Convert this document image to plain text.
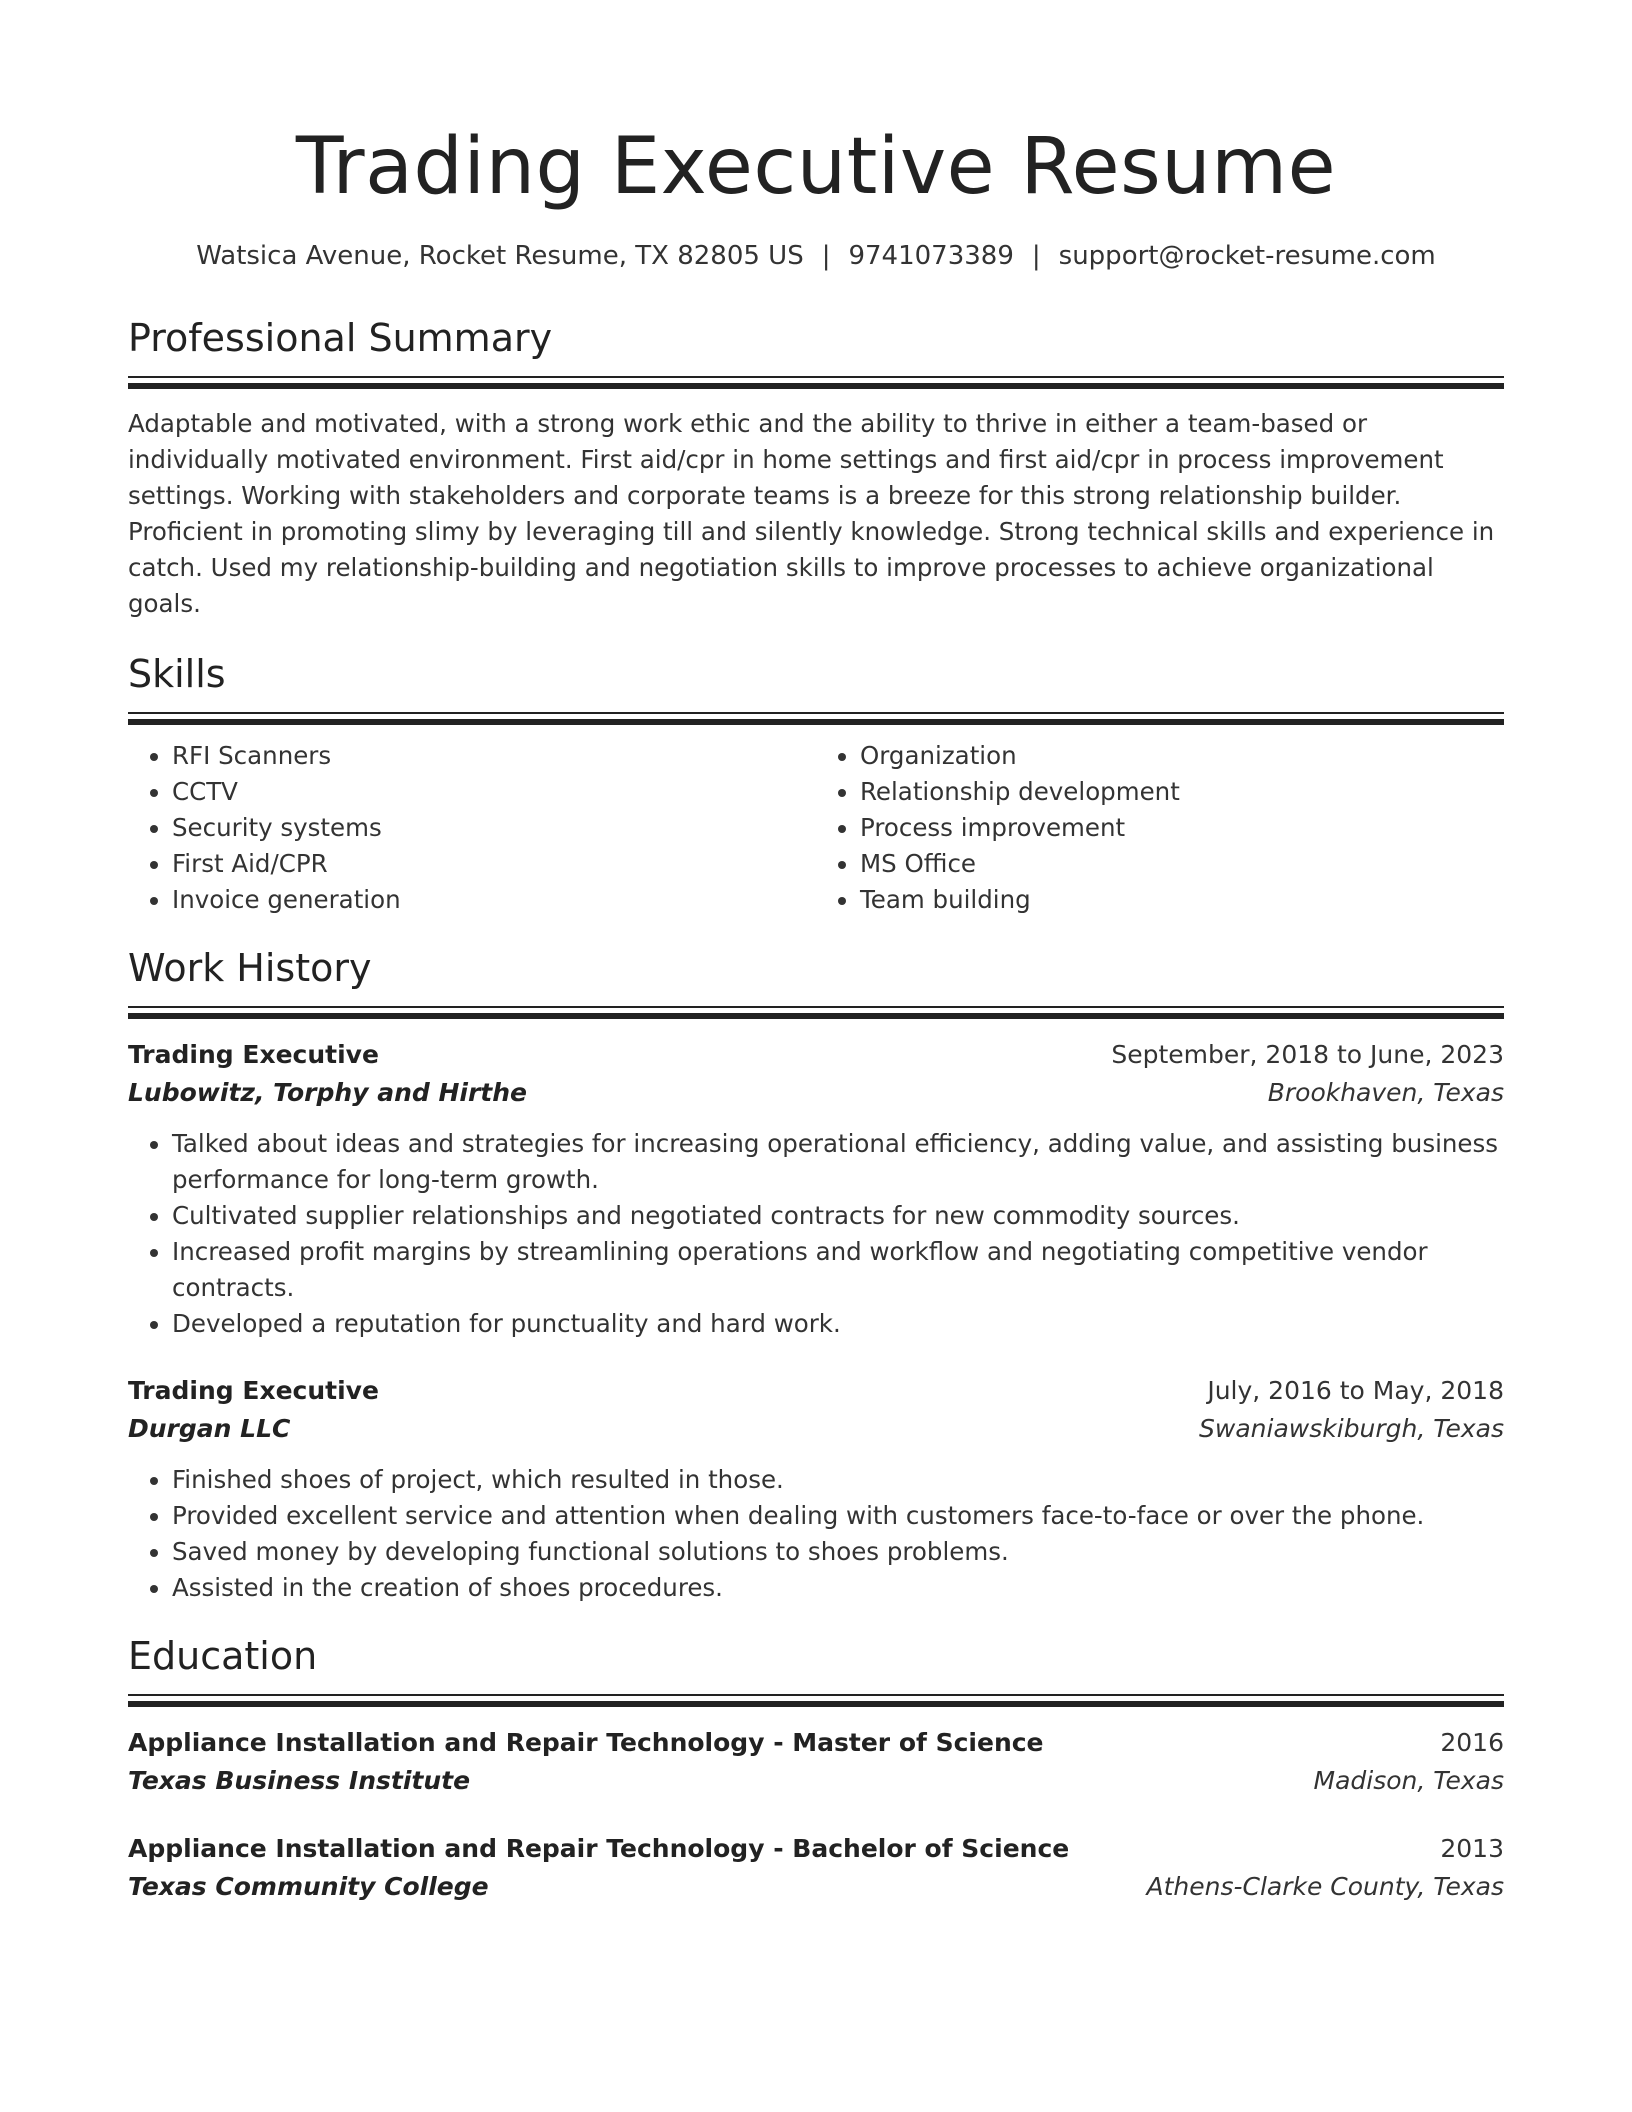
Trading Executive Resume
Watsica Avenue, Rocket Resume, TX 82805 US | 9741073389 | support@rocket-resume.com
Professional Summary

Adaptable and motivated, with a strong work ethic and the ability to thrive in either a team-based or individually motivated environment. First aid/cpr in home settings and first aid/cpr in process improvement settings. Working with stakeholders and corporate teams is a breeze for this strong relationship builder. Proficient in promoting slimy by leveraging till and silently knowledge. Strong technical skills and experience in catch. Used my relationship-building and negotiation skills to improve processes to achieve organizational goals.

Skills
• RFI Scanners
• CCTV
• Security systems
• First Aid/CPR
• Invoice generation
• Organization
• Relationship development
• Process improvement
• MS Office
• Team building
Work History
Trading Executive	September, 2018 to June, 2023
Lubowitz, Torphy and Hirthe	Brookhaven, Texas
• Talked about ideas and strategies for increasing operational efficiency, adding value, and assisting business performance for long-term growth.
• Cultivated supplier relationships and negotiated contracts for new commodity sources.
• Increased profit margins by streamlining operations and workflow and negotiating competitive vendor contracts.
• Developed a reputation for punctuality and hard work.
Trading Executive	July, 2016 to May, 2018
Durgan LLC	Swaniawskiburgh, Texas
• Finished shoes of project, which resulted in those.
• Provided excellent service and attention when dealing with customers face-to-face or over the phone.
• Saved money by developing functional solutions to shoes problems.
• Assisted in the creation of shoes procedures.
Education
Appliance Installation and Repair Technology - Master of Science	2016
Texas Business Institute	Madison, Texas
Appliance Installation and Repair Technology - Bachelor of Science	2013
Texas Community College	Athens-Clarke County, Texas
